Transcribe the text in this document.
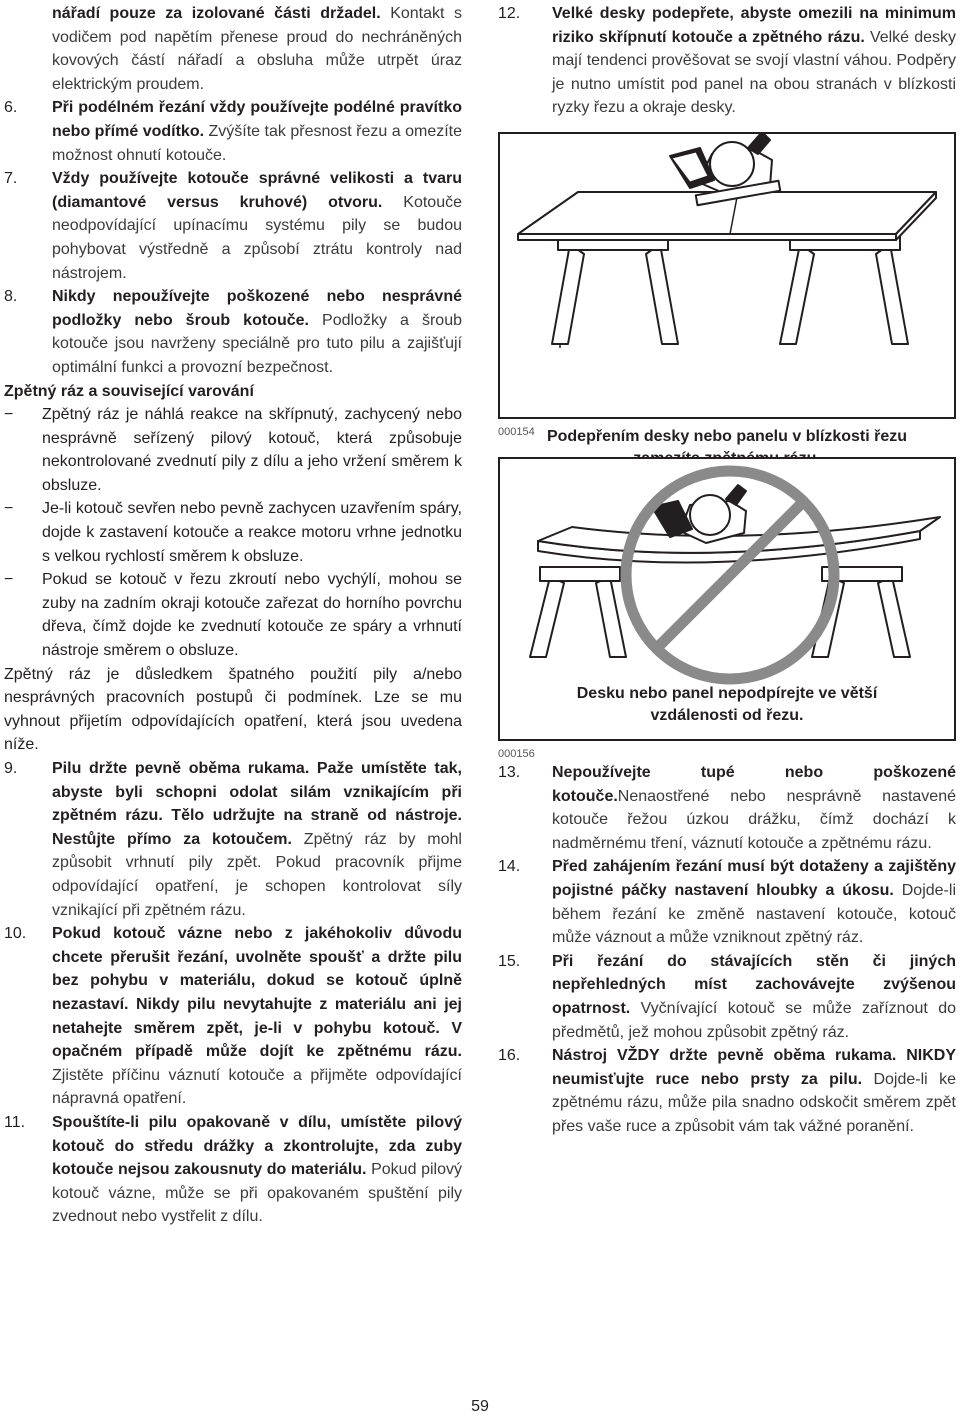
nářadí pouze za izolované části držadel. Kontakt s vodičem pod napětím přenese proud do nechráněných kovových částí nářadí a obsluha může utrpět úraz elektrickým proudem.

6.	Při podélném řezání vždy používejte podélné pravítko nebo přímé vodítko. Zvýšíte tak přesnost řezu a omezíte možnost ohnutí kotouče.

7.	Vždy používejte kotouče správné velikosti a tvaru (diamantové versus kruhové) otvoru. Kotouče neodpovídající upínacímu systému pily se budou pohybovat výstředně a způsobí ztrátu kontroly nad nástrojem.

8.	Nikdy nepoužívejte poškozené nebo nesprávné podložky nebo šroub kotouče. Podložky a šroub kotouče jsou navrženy speciálně pro tuto pilu a zajišťují optimální funkci a provozní bezpečnost.

Zpětný ráz a související varování

−	Zpětný ráz je náhlá reakce na skřípnutý, zachycený nebo nesprávně seřízený pilový kotouč, která způsobuje nekontrolované zvednutí pily z dílu a jeho vržení směrem k obsluze.

−	Je-li kotouč sevřen nebo pevně zachycen uzavřením spáry, dojde k zastavení kotouče a reakce motoru vrhne jednotku s velkou rychlostí směrem k obsluze.

−	Pokud se kotouč v řezu zkroutí nebo vychýlí, mohou se zuby na zadním okraji kotouče zařezat do horního povrchu dřeva, čímž dojde ke zvednutí kotouče ze spáry a vrhnutí nástroje směrem o obsluze.

Zpětný ráz je důsledkem špatného použití pily a/nebo nesprávných pracovních postupů či podmínek. Lze se mu vyhnout přijetím odpovídajících opatření, která jsou uvedena níže.

9.	Pilu držte pevně oběma rukama. Paže umístěte tak, abyste byli schopni odolat silám vznikajícím při zpětném rázu. Tělo udržujte na straně od nástroje. Nestůjte přímo za kotoučem. Zpětný ráz by mohl způsobit vrhnutí pily zpět. Pokud pracovník přijme odpovídající opatření, je schopen kontrolovat síly vznikající při zpětném rázu.

10.	Pokud kotouč vázne nebo z jakéhokoliv důvodu chcete přerušit řezání, uvolněte spoušť a držte pilu bez pohybu v materiálu, dokud se kotouč úplně nezastaví. Nikdy pilu nevytahujte z materiálu ani jej netahejte směrem zpět, je-li v pohybu kotouč. V opačném případě může dojít ke zpětnému rázu. Zjistěte příčinu váznutí kotouče a přijměte odpovídající nápravná opatření.

11.	Spouštíte-li pilu opakovaně v dílu, umístěte pilový kotouč do středu drážky a zkontrolujte, zda zuby kotouče nejsou zakousnuty do materiálu. Pokud pilový kotouč vázne, může se při opakovaném spuštění pily zvednout nebo vystřelit z dílu.

12.	Velké desky podepřete, abyste omezili na minimum riziko skřípnutí kotouče a zpětného rázu. Velké desky mají tendenci prověšovat se svojí vlastní váhou. Podpěry je nutno umístit pod panel na obou stranách v blízkosti ryzky řezu a okraje desky.

Podepřením desky nebo panelu v blízkosti řezu
000154
Desku nebo panel nepodpírejte ve větší vzdálenosti od řezu.
000156
13.	Nepoužívejte tupé nebo poškozené kotouče.Nenaostřené nebo nesprávně nastavené kotouče řežou úzkou drážku, čímž dochází k nadměrnému tření, váznutí kotouče a zpětnému rázu.

14.	Před zahájením řezání musí být dotaženy a zajištěny pojistné páčky nastavení hloubky a úkosu. Dojde-li během řezání ke změně nastavení kotouče, kotouč může váznout a může vzniknout zpětný ráz.

15.	Při řezání do stávajících stěn či jiných nepřehledných míst zachovávejte zvýšenou opatrnost. Vyčnívající kotouč se může zaříznout do předmětů, jež mohou způsobit zpětný ráz.

16.	Nástroj VŽDY držte pevně oběma rukama. NIKDY neumisťujte ruce nebo prsty za pilu. Dojde-li ke zpětnému rázu, může pila snadno odskočit směrem zpět přes vaše ruce a způsobit vám tak vážné poranění.

59
